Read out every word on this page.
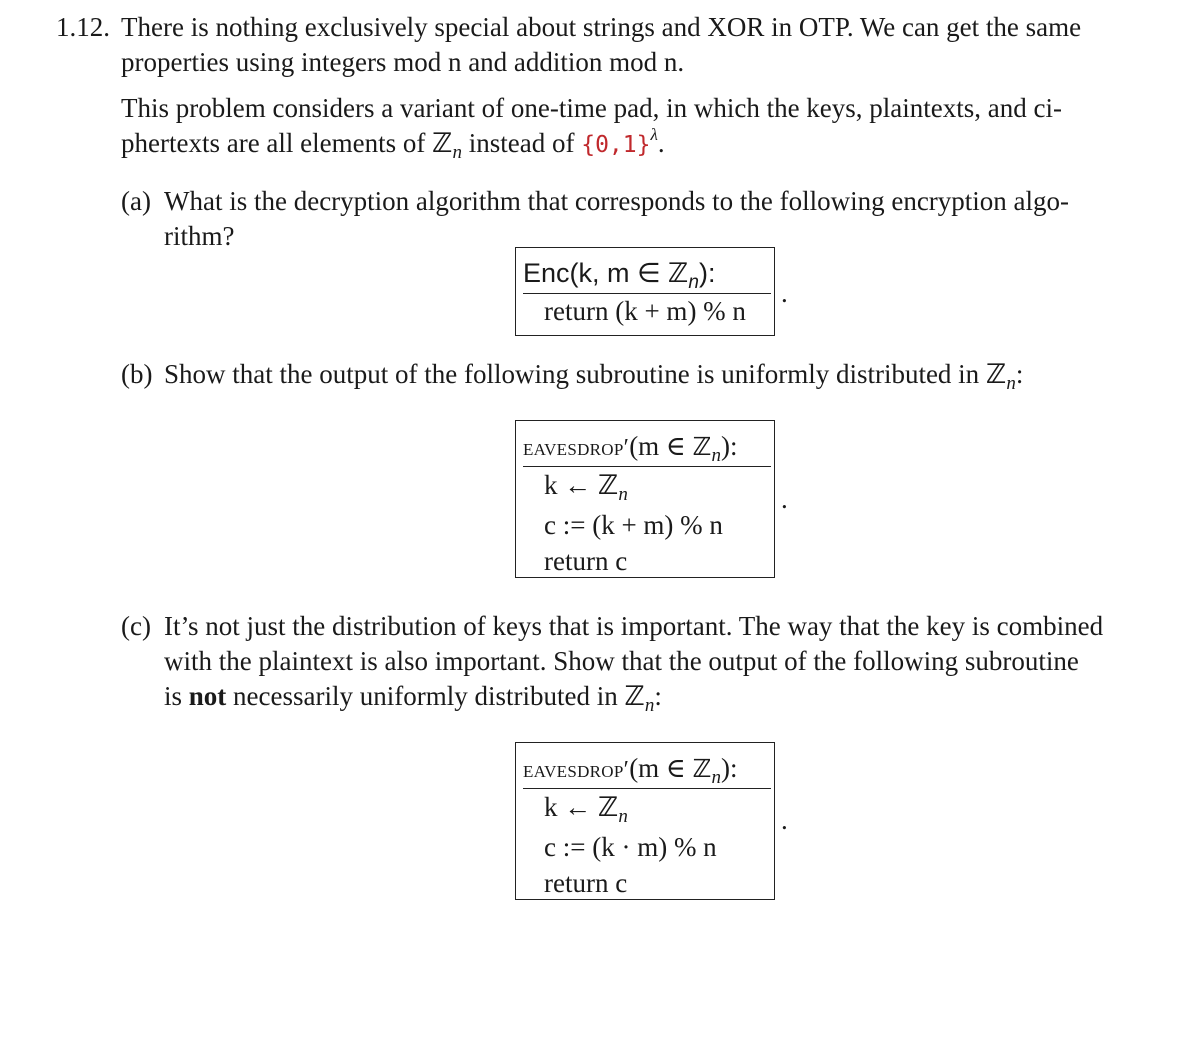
1.12. There is nothing exclusively special about strings and XOR in OTP. We can get the same
properties using integers mod n and addition mod n.
This problem considers a variant of one-time pad, in which the keys, plaintexts, and ci-
phertexts are all elements of ℤ$_n$ instead of $\{0,1\}^\lambda$.
(a) What is the decryption algorithm that corresponds to the following encryption algo-
rithm?
Enc(k, m ∈ ℤ$_n$):
return (k + m) % n
.
(b) Show that the output of the following subroutine is uniformly distributed in ℤ$_n$:
eavesdrop′(m ∈ ℤ$_n$):
k ← ℤ$_n$
c := (k + m) % n
return c
.
(c) It’s not just the distribution of keys that is important. The way that the key is combined
with the plaintext is also important. Show that the output of the following subroutine
is not necessarily uniformly distributed in ℤ$_n$:
eavesdrop′(m ∈ ℤ$_n$):
k ← ℤ$_n$
c := (k · m) % n
return c
.
